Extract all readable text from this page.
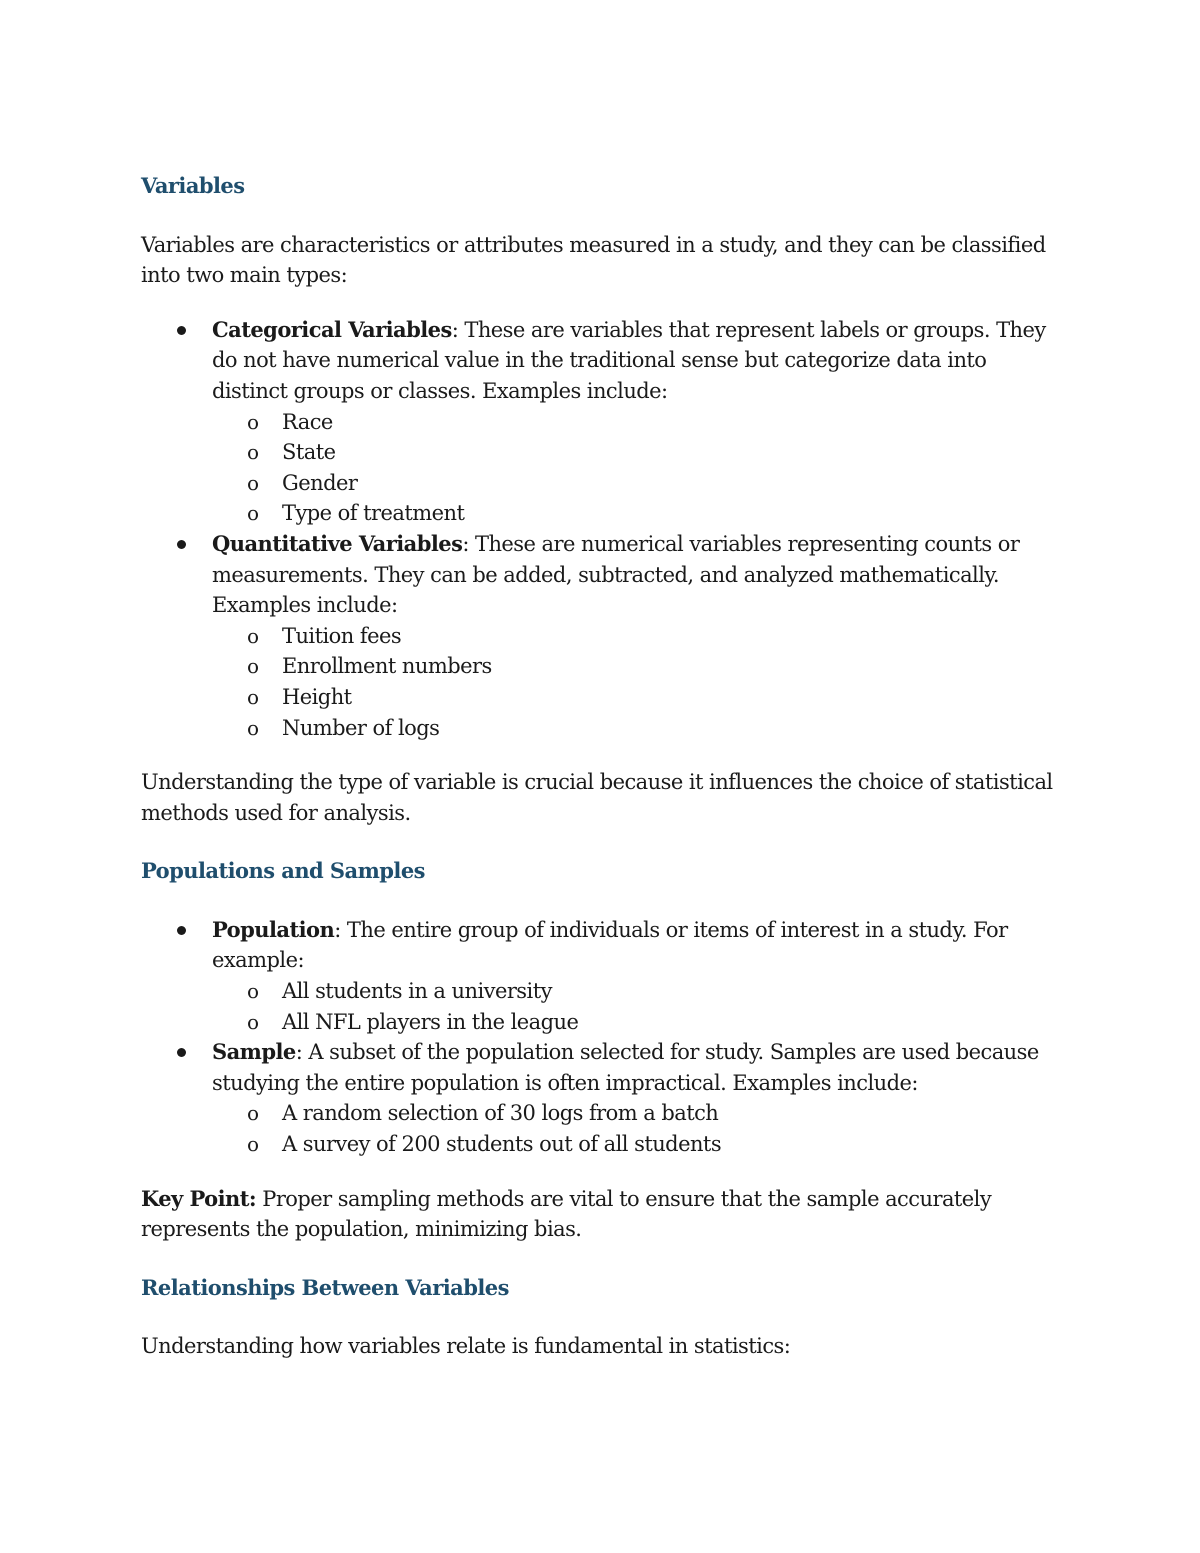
Variables

Variables are characteristics or attributes measured in a study, and they can be classified into two main types:

Categorical Variables: These are variables that represent labels or groups. They do not have numerical value in the traditional sense but categorize data into distinct groups or classes. Examples include:
o Race
o State
o Gender
o Type of treatment
Quantitative Variables: These are numerical variables representing counts or measurements. They can be added, subtracted, and analyzed mathematically. Examples include:
o Tuition fees
o Enrollment numbers
o Height
o Number of logs

Understanding the type of variable is crucial because it influences the choice of statistical methods used for analysis.

Populations and Samples
Population: The entire group of individuals or items of interest in a study. For example:
o All students in a university
o All NFL players in the league
Sample: A subset of the population selected for study. Samples are used because studying the entire population is often impractical. Examples include:
o A random selection of 30 logs from a batch
o A survey of 200 students out of all students

Key Point: Proper sampling methods are vital to ensure that the sample accurately represents the population, minimizing bias.

Relationships Between Variables

Understanding how variables relate is fundamental in statistics:
